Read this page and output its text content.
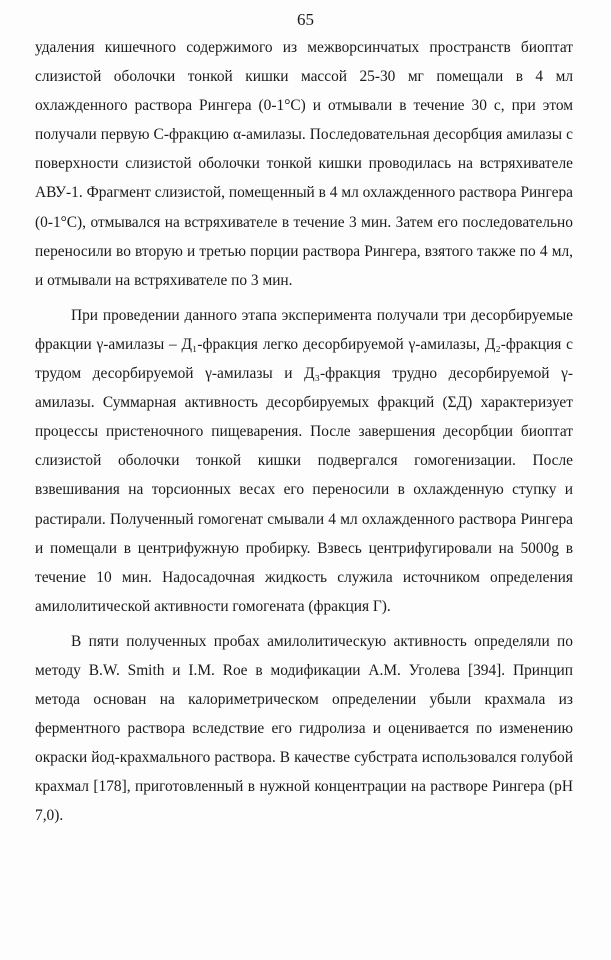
65

удаления кишечного содержимого из межворсинчатых пространств биоптат слизистой оболочки тонкой кишки массой 25-30 мг помещали в 4 мл охлажденного раствора Рингера (0-1°С) и отмывали в течение 30 с, при этом получали первую С-фракцию α-амилазы. Последовательная десорбция амилазы с поверхности слизистой оболочки тонкой кишки проводилась на встряхивателе АВУ-1. Фрагмент слизистой, помещенный в 4 мл охлажденного раствора Рингера (0-1°С), отмывался на встряхивателе в течение 3 мин. Затем его последовательно переносили во вторую и третью порции раствора Рингера, взятого также по 4 мл, и отмывали на встряхивателе по 3 мин.

При проведении данного этапа эксперимента получали три десорбируемые фракции γ-амилазы – Д₁-фракция легко десорбируемой γ-амилазы, Д₂-фракция с трудом десорбируемой γ-амилазы и Д₃-фракция трудно десорбируемой γ-амилазы. Суммарная активность десорбируемых фракций (ΣД) характеризует процессы пристеночного пищеварения. После завершения десорбции биоптат слизистой оболочки тонкой кишки подвергался гомогенизации. После взвешивания на торсионных весах его переносили в охлажденную ступку и растирали. Полученный гомогенат смывали 4 мл охлажденного раствора Рингера и помещали в центрифужную пробирку. Взвесь центрифугировали на 5000g в течение 10 мин. Надосадочная жидкость служила источником определения амилолитической активности гомогената (фракция Г).

В пяти полученных пробах амилолитическую активность определяли по методу B.W. Smith и I.M. Roe в модификации А.М. Уголева [394]. Принцип метода основан на калориметрическом определении убыли крахмала из ферментного раствора вследствие его гидролиза и оценивается по изменению окраски йод-крахмального раствора. В качестве субстрата использовался голубой крахмал [178], приготовленный в нужной концентрации на растворе Рингера (рН 7,0).
